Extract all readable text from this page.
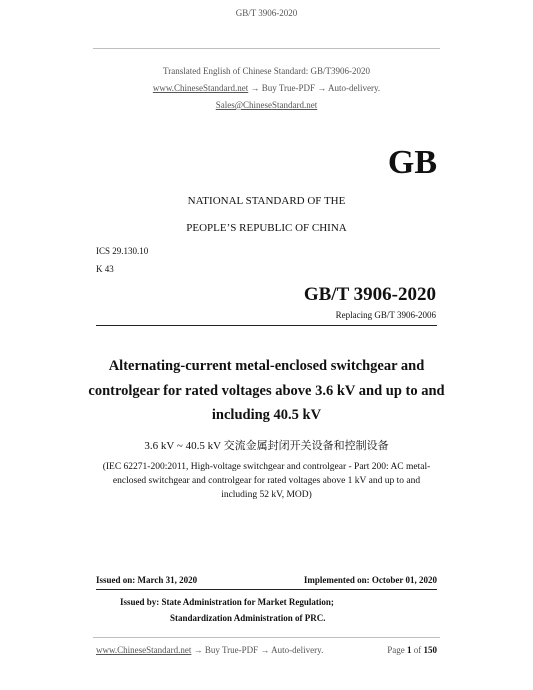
GB/T 3906-2020
Translated English of Chinese Standard: GB/T3906-2020
www.ChineseStandard.net → Buy True-PDF → Auto-delivery.
Sales@ChineseStandard.net
GB
NATIONAL STANDARD OF THE
PEOPLE’S REPUBLIC OF CHINA
ICS 29.130.10
K 43
GB/T 3906-2020
Replacing GB/T 3906-2006
Alternating-current metal-enclosed switchgear and
controlgear for rated voltages above 3.6 kV and up to and
including 40.5 kV
3.6 kV ~ 40.5 kV 交流金属封闭开关设备和控制设备
(IEC 62271-200:2011, High-voltage switchgear and controlgear - Part 200: AC metal-
enclosed switchgear and controlgear for rated voltages above 1 kV and up to and
including 52 kV, MOD)
Issued on: March 31, 2020	Implemented on: October 01, 2020
Issued by: State Administration for Market Regulation;
Standardization Administration of PRC.
www.ChineseStandard.net → Buy True-PDF → Auto-delivery.	Page 1 of 150
